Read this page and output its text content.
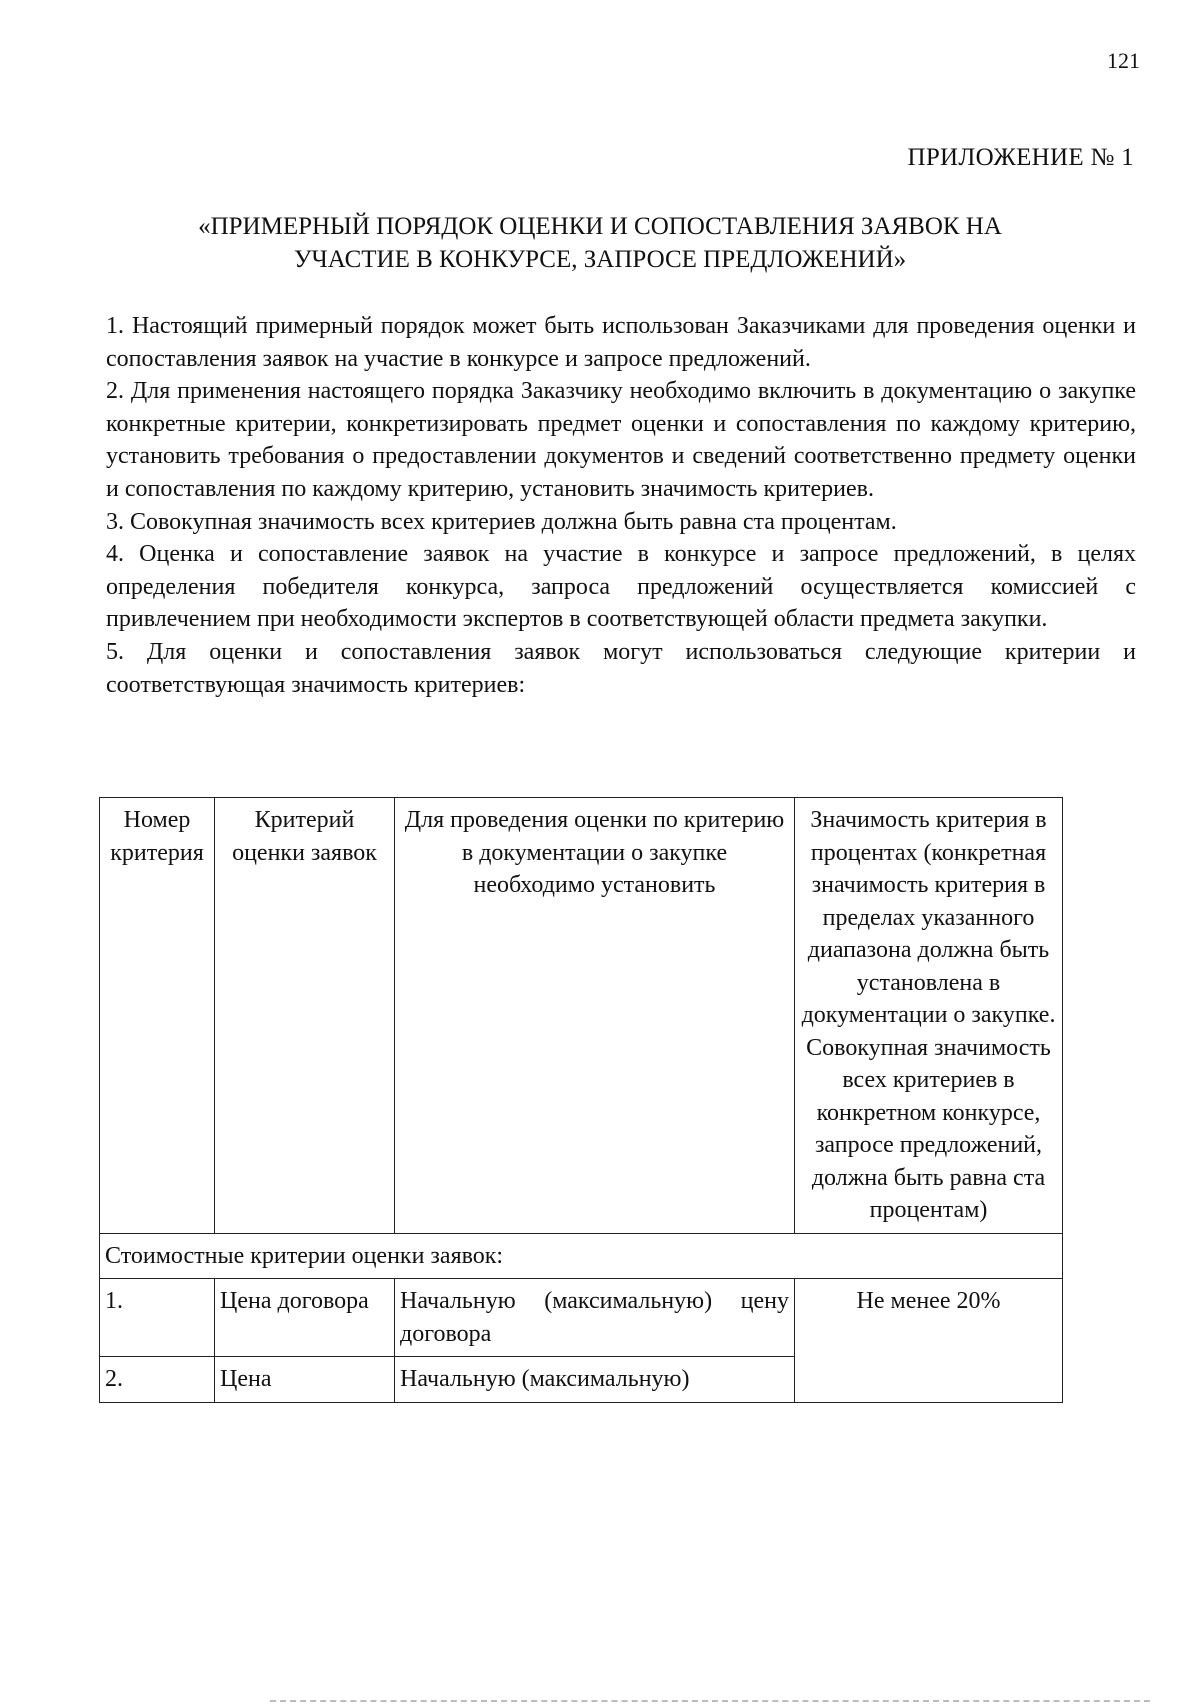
121
ПРИЛОЖЕНИЕ № 1
«ПРИМЕРНЫЙ ПОРЯДОК ОЦЕНКИ И СОПОСТАВЛЕНИЯ ЗАЯВОК НА
УЧАСТИЕ В КОНКУРСЕ, ЗАПРОСЕ ПРЕДЛОЖЕНИЙ»

1. Настоящий примерный порядок может быть использован Заказчиками для проведения оценки и сопоставления заявок на участие в конкурсе и запросе предложений.

2. Для применения настоящего порядка Заказчику необходимо включить в документацию о закупке конкретные критерии, конкретизировать предмет оценки и сопоставления по каждому критерию, установить требования о предоставлении документов и сведений соответственно предмету оценки и сопоставления по каждому критерию, установить значимость критериев.

3. Совокупная значимость всех критериев должна быть равна ста процентам.

4. Оценка и сопоставление заявок на участие в конкурсе и запросе предложений, в целях определения победителя конкурса, запроса предложений осуществляется комиссией с привлечением при необходимости экспертов в соответствующей области предмета закупки.

5. Для оценки и сопоставления заявок могут использоваться следующие критерии и соответствующая значимость критериев:

Номер критерия	Критерий оценки заявок	Для проведения оценки по критерию в документации о закупке необходимо установить	Значимость критерия в процентах (конкретная значимость критерия в пределах указанного диапазона должна быть установлена в документации о закупке. Совокупная значимость всех критериев в конкретном конкурсе, запросе предложений, должна быть равна ста процентам)
Стоимостные критерии оценки заявок:			
1.	Цена договора	Начальную (максимальную) цену договора	Не менее 20%
2.	Цена	Начальную (максимальную)	
